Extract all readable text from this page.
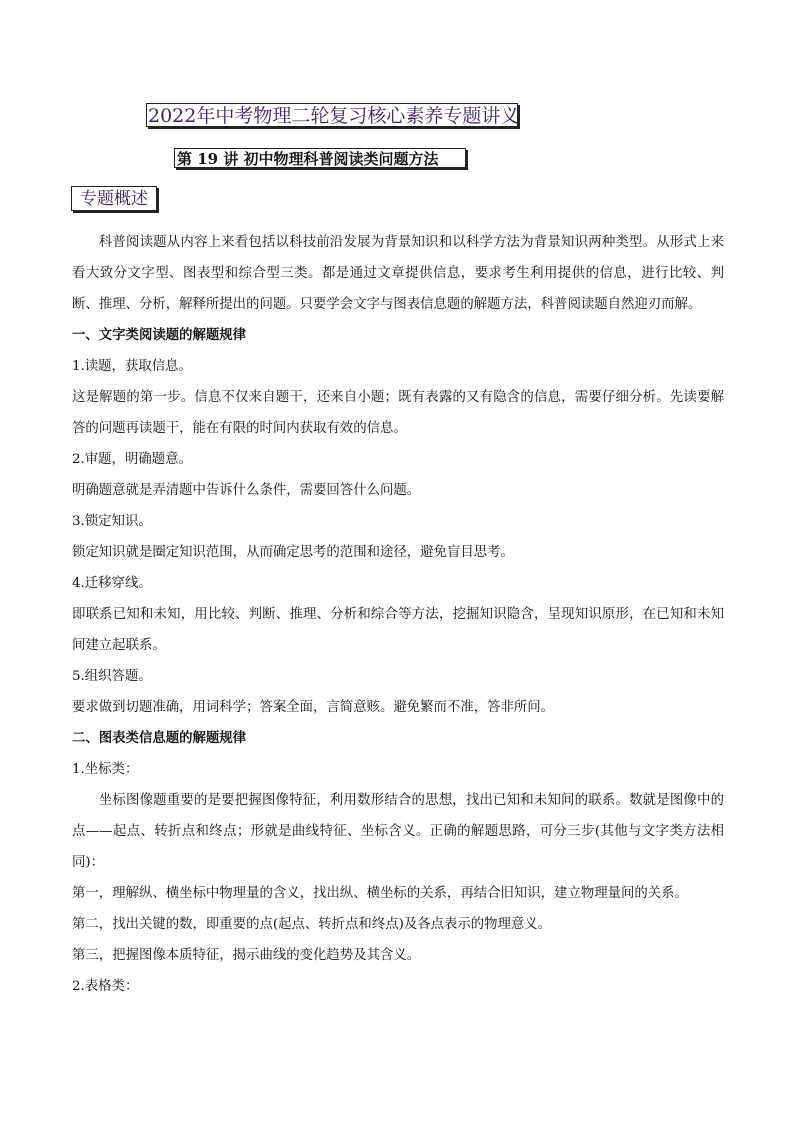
2022年中考物理二轮复习核心素养专题讲义
第 19 讲 初中物理科普阅读类问题方法
专题概述

科普阅读题从内容上来看包括以科技前沿发展为背景知识和以科学方法为背景知识两种类型。从形式上来看大致分文字型、图表型和综合型三类。都是通过文章提供信息，要求考生利用提供的信息，进行比较、判断、推理、分析，解释所提出的问题。只要学会文字与图表信息题的解题方法，科普阅读题自然迎刃而解。

一、文字类阅读题的解题规律

1.读题，获取信息。

这是解题的第一步。信息不仅来自题干，还来自小题；既有表露的又有隐含的信息，需要仔细分析。先读要解答的问题再读题干，能在有限的时间内获取有效的信息。

2.审题，明确题意。

明确题意就是弄清题中告诉什么条件，需要回答什么问题。

3.锁定知识。

锁定知识就是圈定知识范围，从而确定思考的范围和途径，避免盲目思考。

4.迁移穿线。

即联系已知和未知，用比较、判断、推理、分析和综合等方法，挖掘知识隐含，呈现知识原形，在已知和未知间建立起联系。

5.组织答题。

要求做到切题准确，用词科学；答案全面，言简意赅。避免繁而不准，答非所问。

二、图表类信息题的解题规律

1.坐标类：

坐标图像题重要的是要把握图像特征，利用数形结合的思想，找出已知和未知间的联系。数就是图像中的点——起点、转折点和终点；形就是曲线特征、坐标含义。正确的解题思路，可分三步(其他与文字类方法相同)：

第一，理解纵、横坐标中物理量的含义，找出纵、横坐标的关系，再结合旧知识，建立物理量间的关系。

第二，找出关键的数，即重要的点(起点、转折点和终点)及各点表示的物理意义。

第三，把握图像本质特征，揭示曲线的变化趋势及其含义。

2.表格类：
